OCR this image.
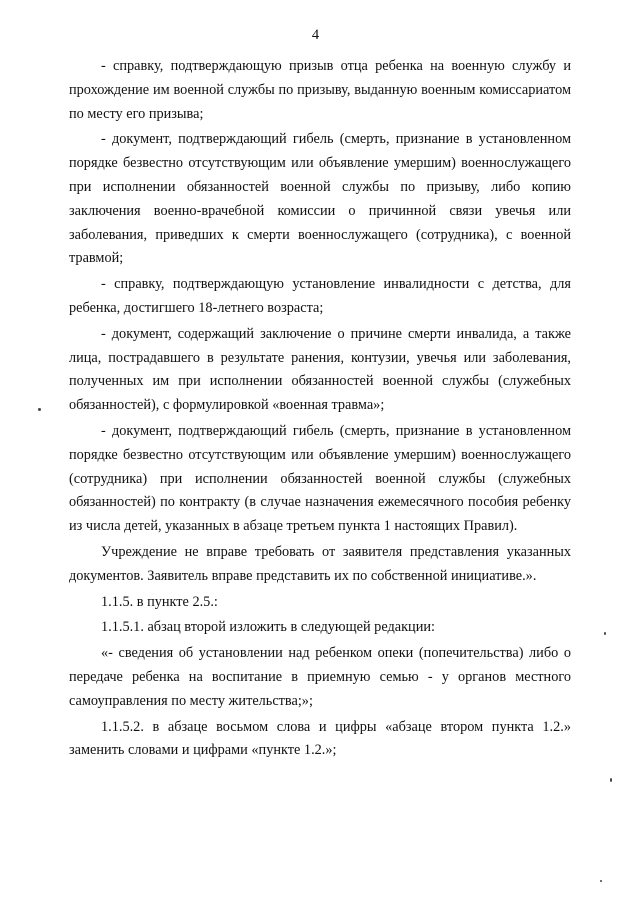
4

- справку, подтверждающую призыв отца ребенка на военную службу и прохождение им военной службы по призыву, выданную военным комиссариатом по месту его призыва;

- документ, подтверждающий гибель (смерть, признание в установленном порядке безвестно отсутствующим или объявление умершим) военнослужащего при исполнении обязанностей военной службы по призыву, либо копию заключения военно-врачебной комиссии о причинной связи увечья или заболевания, приведших к смерти военнослужащего (сотрудника), с военной травмой;

- справку, подтверждающую установление инвалидности с детства, для ребенка, достигшего 18-летнего возраста;

- документ, содержащий заключение о причине смерти инвалида, а также лица, пострадавшего в результате ранения, контузии, увечья или заболевания, полученных им при исполнении обязанностей военной службы (служебных обязанностей), с формулировкой «военная травма»;

- документ, подтверждающий гибель (смерть, признание в установленном порядке безвестно отсутствующим или объявление умершим) военнослужащего (сотрудника) при исполнении обязанностей военной службы (служебных обязанностей) по контракту (в случае назначения ежемесячного пособия ребенку из числа детей, указанных в абзаце третьем пункта 1 настоящих Правил).

Учреждение не вправе требовать от заявителя представления указанных документов. Заявитель вправе представить их по собственной инициативе.».

1.1.5. в пункте 2.5.:

1.1.5.1. абзац второй изложить в следующей редакции:

«- сведения об установлении над ребенком опеки (попечительства) либо о передаче ребенка на воспитание в приемную семью - у органов местного самоуправления по месту жительства;»;

1.1.5.2. в абзаце восьмом слова и цифры «абзаце втором пункта 1.2.» заменить словами и цифрами «пункте 1.2.»;
